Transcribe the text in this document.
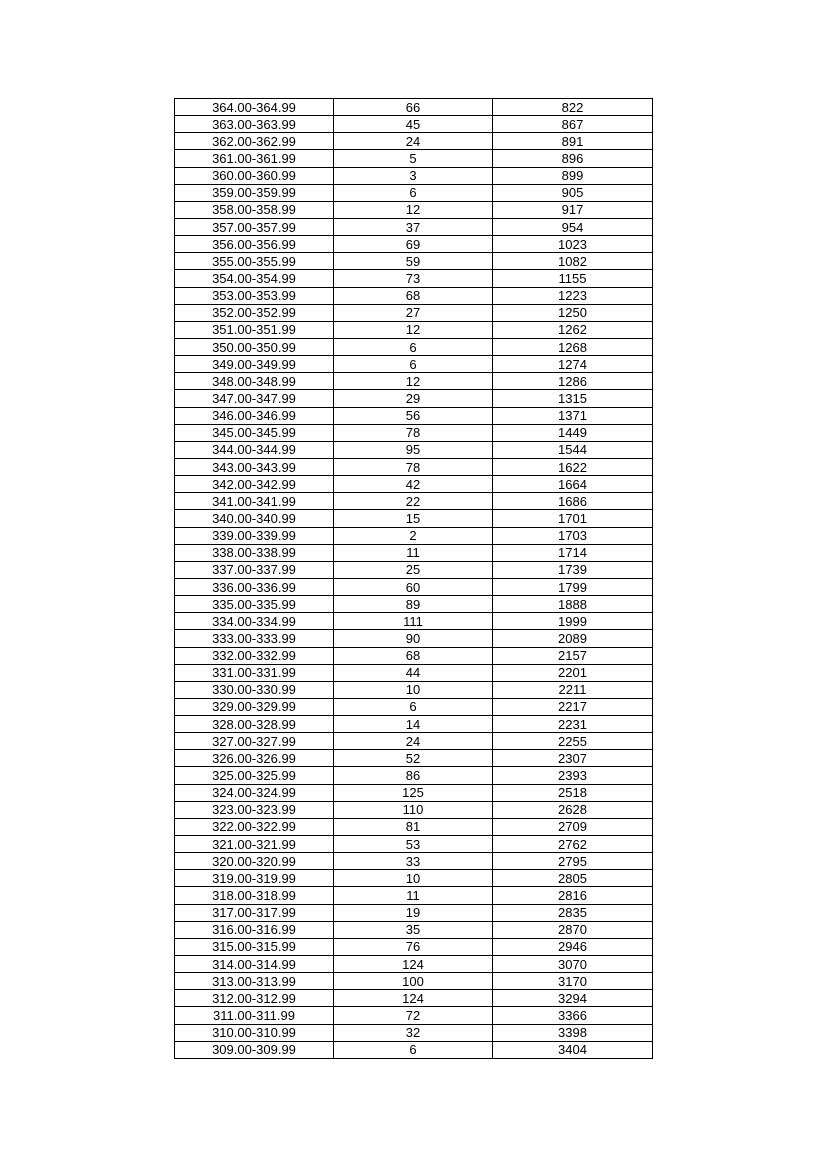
364.00-364.99	66	822
363.00-363.99	45	867
362.00-362.99	24	891
361.00-361.99	5	896
360.00-360.99	3	899
359.00-359.99	6	905
358.00-358.99	12	917
357.00-357.99	37	954
356.00-356.99	69	1023
355.00-355.99	59	1082
354.00-354.99	73	1155
353.00-353.99	68	1223
352.00-352.99	27	1250
351.00-351.99	12	1262
350.00-350.99	6	1268
349.00-349.99	6	1274
348.00-348.99	12	1286
347.00-347.99	29	1315
346.00-346.99	56	1371
345.00-345.99	78	1449
344.00-344.99	95	1544
343.00-343.99	78	1622
342.00-342.99	42	1664
341.00-341.99	22	1686
340.00-340.99	15	1701
339.00-339.99	2	1703
338.00-338.99	11	1714
337.00-337.99	25	1739
336.00-336.99	60	1799
335.00-335.99	89	1888
334.00-334.99	111	1999
333.00-333.99	90	2089
332.00-332.99	68	2157
331.00-331.99	44	2201
330.00-330.99	10	2211
329.00-329.99	6	2217
328.00-328.99	14	2231
327.00-327.99	24	2255
326.00-326.99	52	2307
325.00-325.99	86	2393
324.00-324.99	125	2518
323.00-323.99	110	2628
322.00-322.99	81	2709
321.00-321.99	53	2762
320.00-320.99	33	2795
319.00-319.99	10	2805
318.00-318.99	11	2816
317.00-317.99	19	2835
316.00-316.99	35	2870
315.00-315.99	76	2946
314.00-314.99	124	3070
313.00-313.99	100	3170
312.00-312.99	124	3294
311.00-311.99	72	3366
310.00-310.99	32	3398
309.00-309.99	6	3404
